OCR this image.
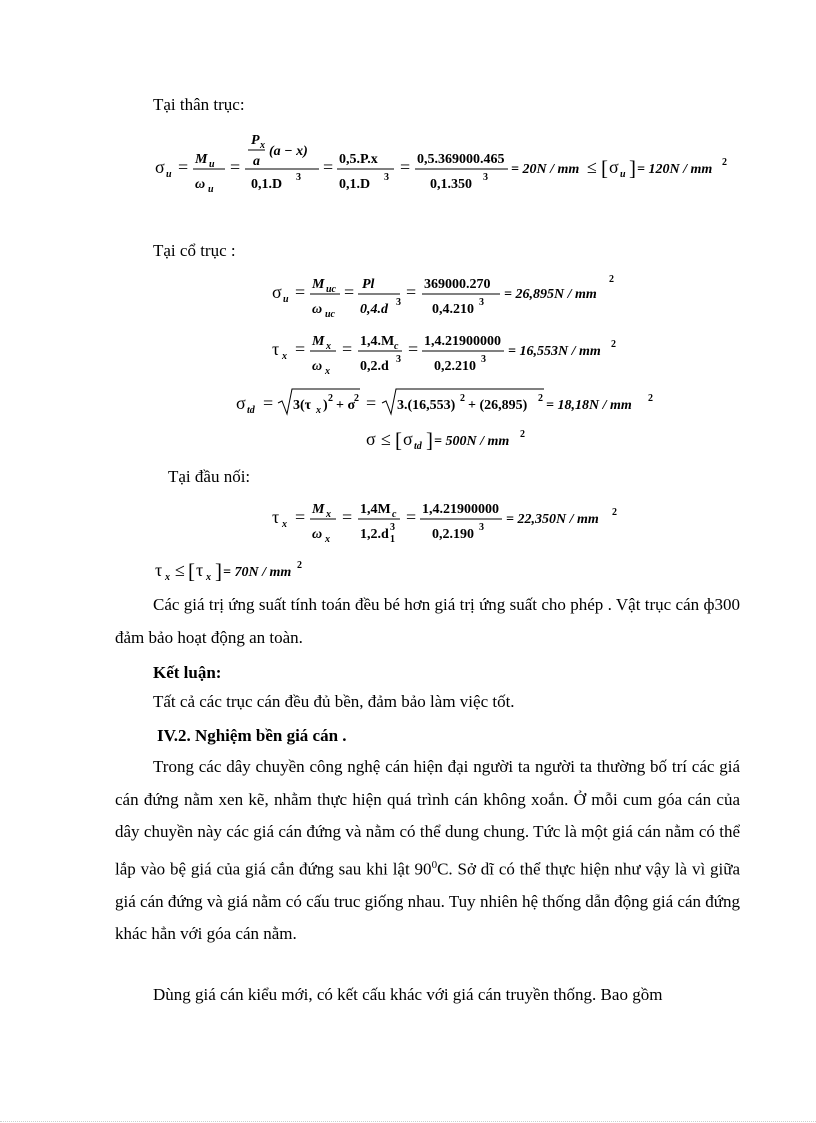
Tại thân trục:
σ u = M u
ω u
=
P x
a
(a − x)
0,1.D 3
= 0,5.P.x
0,1.D 3
= 0,5.369000.465
0,1.350 3
= 20N / mm ≤ [ σ u ] = 120N / mm 2
Tại cổ trục :
σ u = M uc
ω uc
= Pl
0,4.d 3
= 369000.270
0,4.210 3
= 26,895N / mm
2
τ x = M x
ω x
= 1,4.M c
0,2.d 3
= 1,4.21900000
0,2.210 3
= 16,553N / mm 2
σ td = 3(τ x ) 2 + σ
2 = 3.(16,553) 2 + (26,895) 2 = 18,18N / mm 2
σ ≤ [ σ td ] = 500N / mm 2
Tại đầu nối:
τ x = M x
ω x
= 1,4M c
1,2.d 1
3
= 1,4.21900000
0,2.190 3
= 22,350N / mm 2
τ x ≤ [ τ x ] = 70N / mm 2
Các giá trị ứng suất tính toán đều bé hơn giá trị ứng suất cho phép . Vật trục cán ф300 đảm bảo hoạt động an toàn.
Kết luận:
Tất cả các trục cán đều đủ bền, đảm bảo làm việc tốt.
IV.2. Nghiệm bền giá cán .
Trong các dây chuyền công nghệ cán hiện đại người ta người ta thường bố trí các giá cán đứng nằm xen kẽ, nhằm thực hiện quá trình cán không xoắn. Ở mỗi cum góa cán của dây chuyền này các giá cán đứng và nằm có thể dung chung. Tức là một giá cán nằm có thể lắp vào bệ giá của giá cắn đứng sau khi lật $90^0C$. Sở dĩ có thể thực hiện như vậy là vì giữa giá cán đứng và giá nằm có cấu truc giống nhau. Tuy nhiên hệ thống dẫn động giá cán đứng khác hẳn với góa cán nằm.
Dùng giá cán kiểu mới, có kết cấu khác với giá cán truyền thống. Bao gồm
